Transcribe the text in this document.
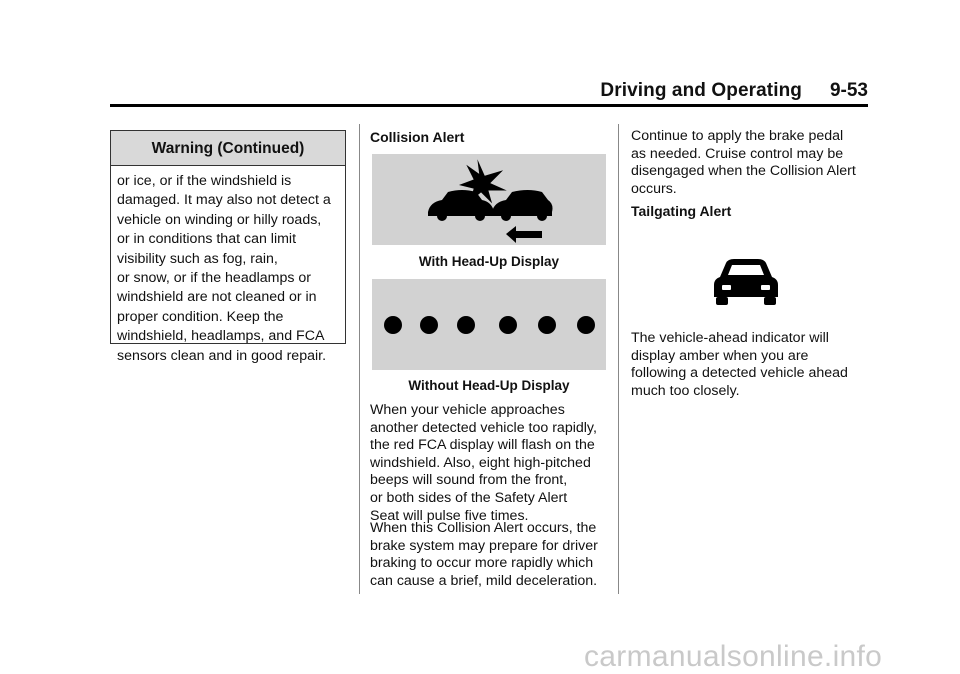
Driving and Operating 9-53
Warning (Continued)
or ice, or if the windshield is
damaged. It may also not detect a
vehicle on winding or hilly roads,
or in conditions that can limit
visibility such as fog, rain,
or snow, or if the headlamps or
windshield are not cleaned or in
proper condition. Keep the
windshield, headlamps, and FCA
sensors clean and in good repair.
Collision Alert
With Head-Up Display
Without Head-Up Display

When your vehicle approaches

another detected vehicle too rapidly,

the red FCA display will flash on the

windshield. Also, eight high-pitched

beeps will sound from the front,

or both sides of the Safety Alert

Seat will pulse five times.

When this Collision Alert occurs, the

brake system may prepare for driver

braking to occur more rapidly which

can cause a brief, mild deceleration.

Continue to apply the brake pedal

as needed. Cruise control may be

disengaged when the Collision Alert

occurs.

Tailgating Alert

The vehicle-ahead indicator will

display amber when you are

following a detected vehicle ahead

much too closely.

carmanualsonline.info
